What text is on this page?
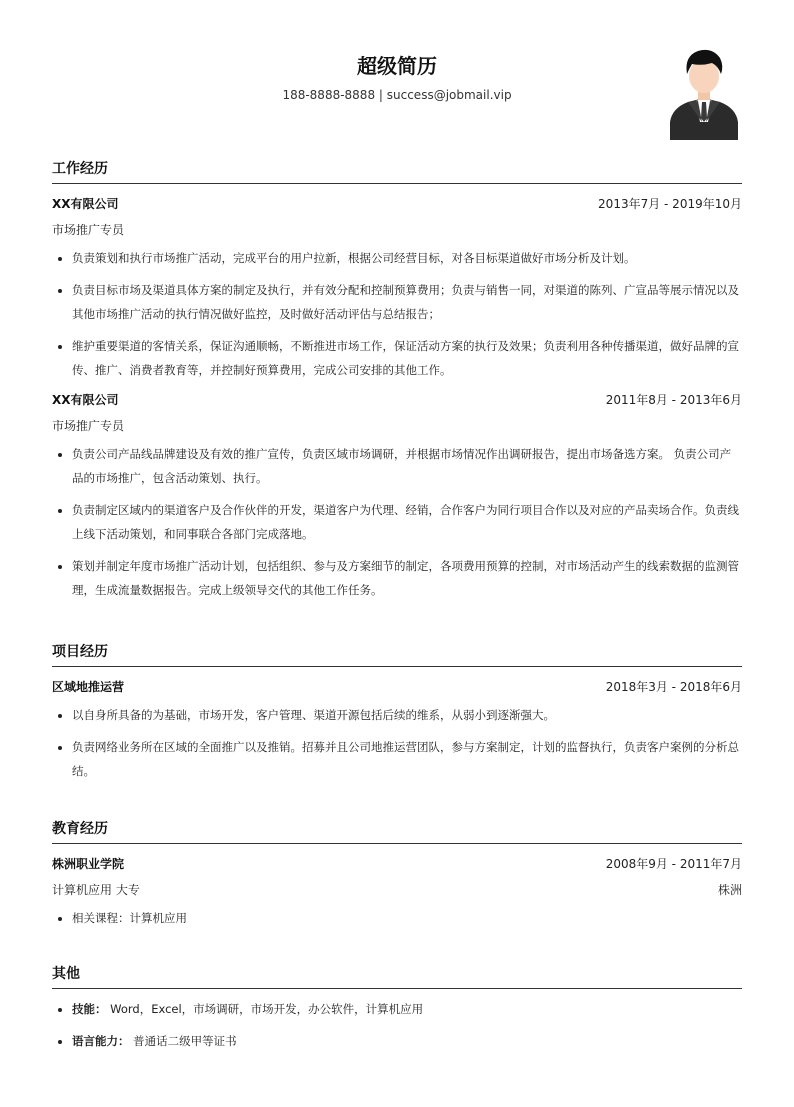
超级简历
188-8888-8888 | success@jobmail.vip
工作经历
XX有限公司	2013年7月 - 2019年10月
市场推广专员
• 负责策划和执行市场推广活动，完成平台的用户拉新，根据公司经营目标，对各目标渠道做好市场分析及计划。
• 负责目标市场及渠道具体方案的制定及执行，并有效分配和控制预算费用；负责与销售一同，对渠道的陈列、广宣品等展示情况以及其他市场推广活动的执行情况做好监控，及时做好活动评估与总结报告；
• 维护重要渠道的客情关系，保证沟通顺畅，不断推进市场工作，保证活动方案的执行及效果；负责利用各种传播渠道，做好品牌的宣传、推广、消费者教育等，并控制好预算费用，完成公司安排的其他工作。
XX有限公司	2011年8月 - 2013年6月
市场推广专员
• 负责公司产品线品牌建设及有效的推广宣传，负责区域市场调研，并根据市场情况作出调研报告，提出市场备选方案。 负责公司产品的市场推广，包含活动策划、执行。
• 负责制定区域内的渠道客户及合作伙伴的开发，渠道客户为代理、经销，合作客户为同行项目合作以及对应的产品卖场合作。负责线上线下活动策划，和同事联合各部门完成落地。
• 策划并制定年度市场推广活动计划，包括组织、参与及方案细节的制定，各项费用预算的控制，对市场活动产生的线索数据的监测管理，生成流量数据报告。完成上级领导交代的其他工作任务。
项目经历
区域地推运营	2018年3月 - 2018年6月
• 以自身所具备的为基础，市场开发，客户管理、渠道开源包括后续的维系，从弱小到逐渐强大。
• 负责网络业务所在区域的全面推广以及推销。招募并且公司地推运营团队，参与方案制定，计划的监督执行，负责客户案例的分析总结。
教育经历
株洲职业学院	2008年9月 - 2011年7月
计算机应用 大专	株洲
• 相关课程：计算机应用
其他
• 技能： Word，Excel，市场调研，市场开发，办公软件，计算机应用
• 语言能力： 普通话二级甲等证书
